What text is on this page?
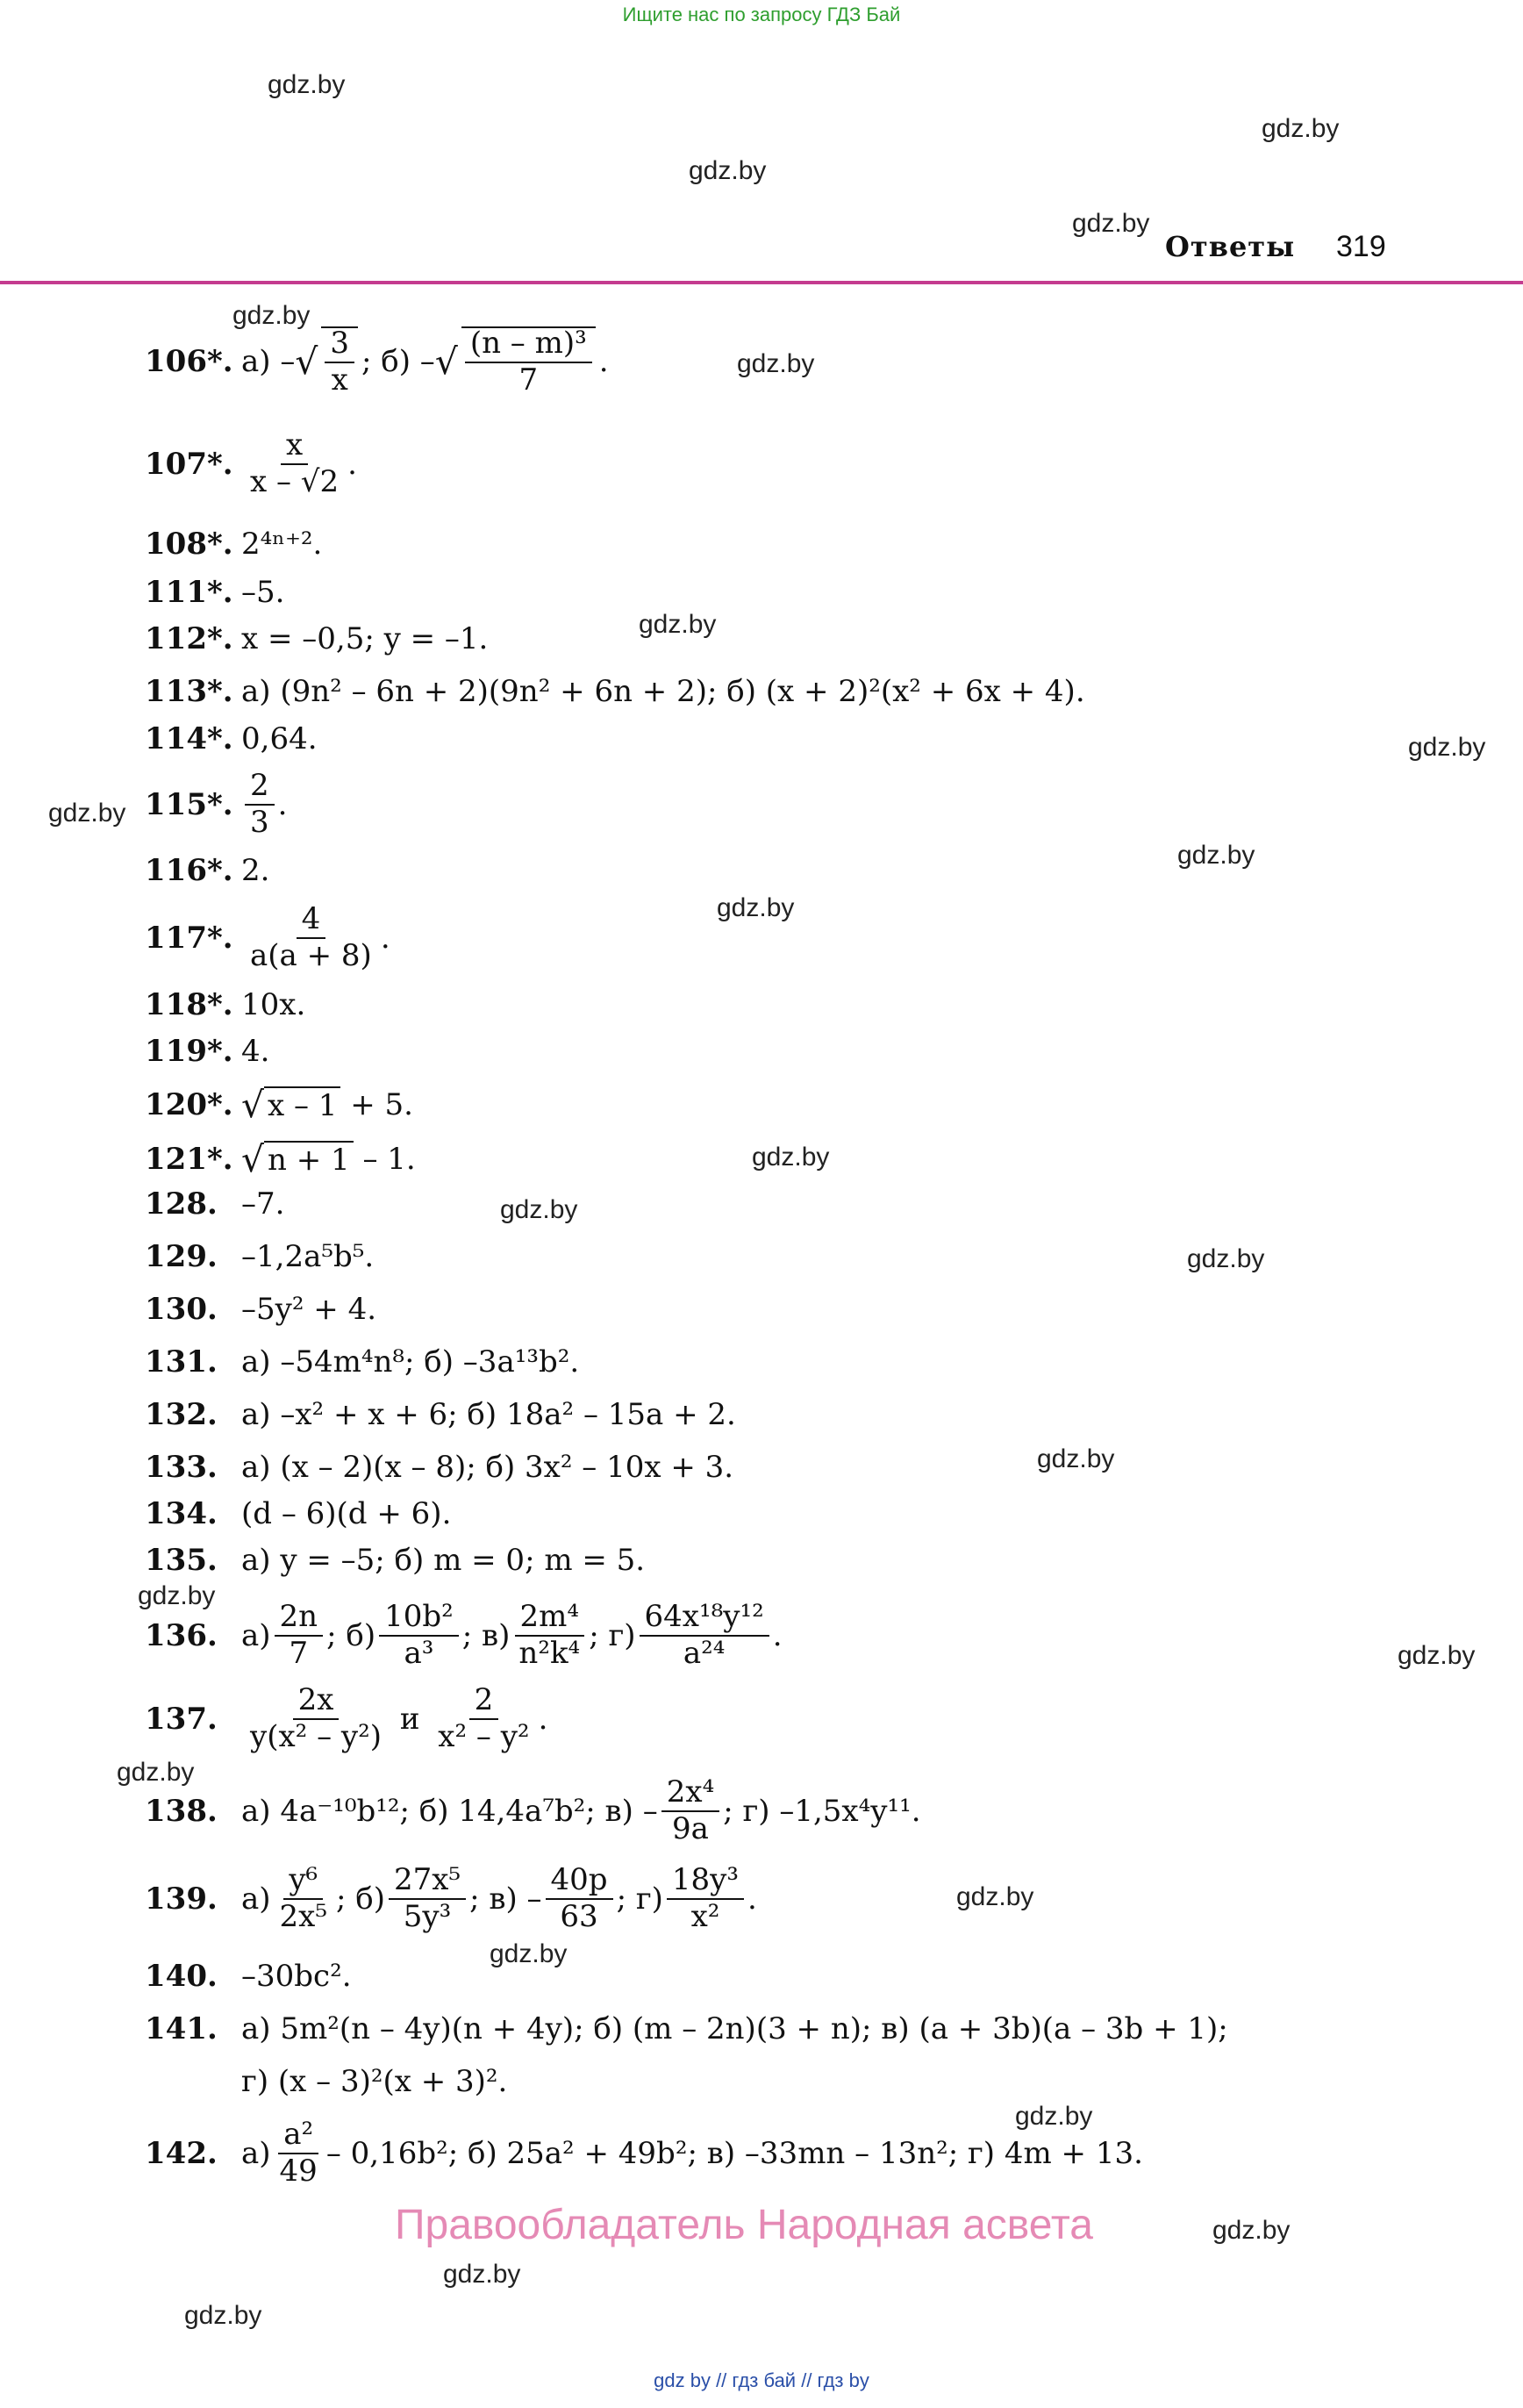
Ищите нас по запросу ГДЗ Бай
gdz.by
gdz.by
gdz.by
gdz.by
gdz.by
gdz.by
gdz.by
gdz.by
gdz.by
gdz.by
gdz.by
gdz.by
gdz.by
gdz.by
gdz.by
gdz.by
gdz.by
gdz.by
gdz.by
gdz.by
gdz.by
gdz.by
gdz.by
gdz.by
Ответы 319
106*. а) – √ $\frac{3}{x}$ ; б) – √ $\frac{\text{(n – m)³}}{7}$ .
107*. $\frac{x}{x - √2}$ .
108*. 2⁴ⁿ⁺² .
111*. –5.
112*. x = –0,5; y = –1.
113*. а) (9n² – 6n + 2)(9n² + 6n + 2); б) (x + 2)²(x² + 6x + 4).
114*. 0,64.
115*. $\frac{2}{3}$ .
116*. 2.
117*. $\frac{4}{a(a + 8)}$ .
118*. 10x.
119*. 4.
120*. √ x – 1
+ 5.
121*. √ n + 1
– 1.
128. –7.
129. –1,2a⁵b⁵.
130. –5y² + 4.
131. а) –54m⁴n⁸; б) –3a¹³b².
132. а) –x² + x + 6; б) 18a² – 15a + 2.
133. а) (x – 2)(x – 8); б) 3x² – 10x + 3.
134. (d – 6)(d + 6).
135. а) y = –5; б) m = 0; m = 5.
136. $а) \frac{2n}{7}$ ; $б) \frac{\text{10b²}}{\text{a³}}$ ; $в) \frac{\text{2m⁴}}{\text{n²k⁴}}$ ; $г) \frac{\text{64x¹⁸y¹²}}{\text{a²⁴}}$ .
137. $\frac{2x}{\text{y(x² – y²)}}$
и
$\frac{2}{\text{x² – y²}}$ .
138. а) 4a⁻¹⁰b¹²; б) 14,4a⁷b²; $в) - \frac{\text{2x⁴}}{9a}$ ; г) –1,5x⁴y¹¹.
139. $а) \frac{\text{y⁶}}{\text{2x⁵}}$ ; $б) \frac{\text{27x⁵}}{\text{5y³}}$ ; $в) - \frac{40p}{63}$ ; $г) \frac{\text{18y³}}{\text{x²}}$ .
140. –30bc².
141. а) 5m²(n – 4y)(n + 4y); б) (m – 2n)(3 + n); в) (a + 3b)(a – 3b + 1);
г) (x – 3)²(x + 3)².
142. $а) \frac{\text{a²}}{49} - 0,16b^2$; б) 25a² + 49b²; в) –33mn – 13n²; г) 4m + 13.
Правообладатель Народная асвета
gdz by // гдз бай // гдз by
